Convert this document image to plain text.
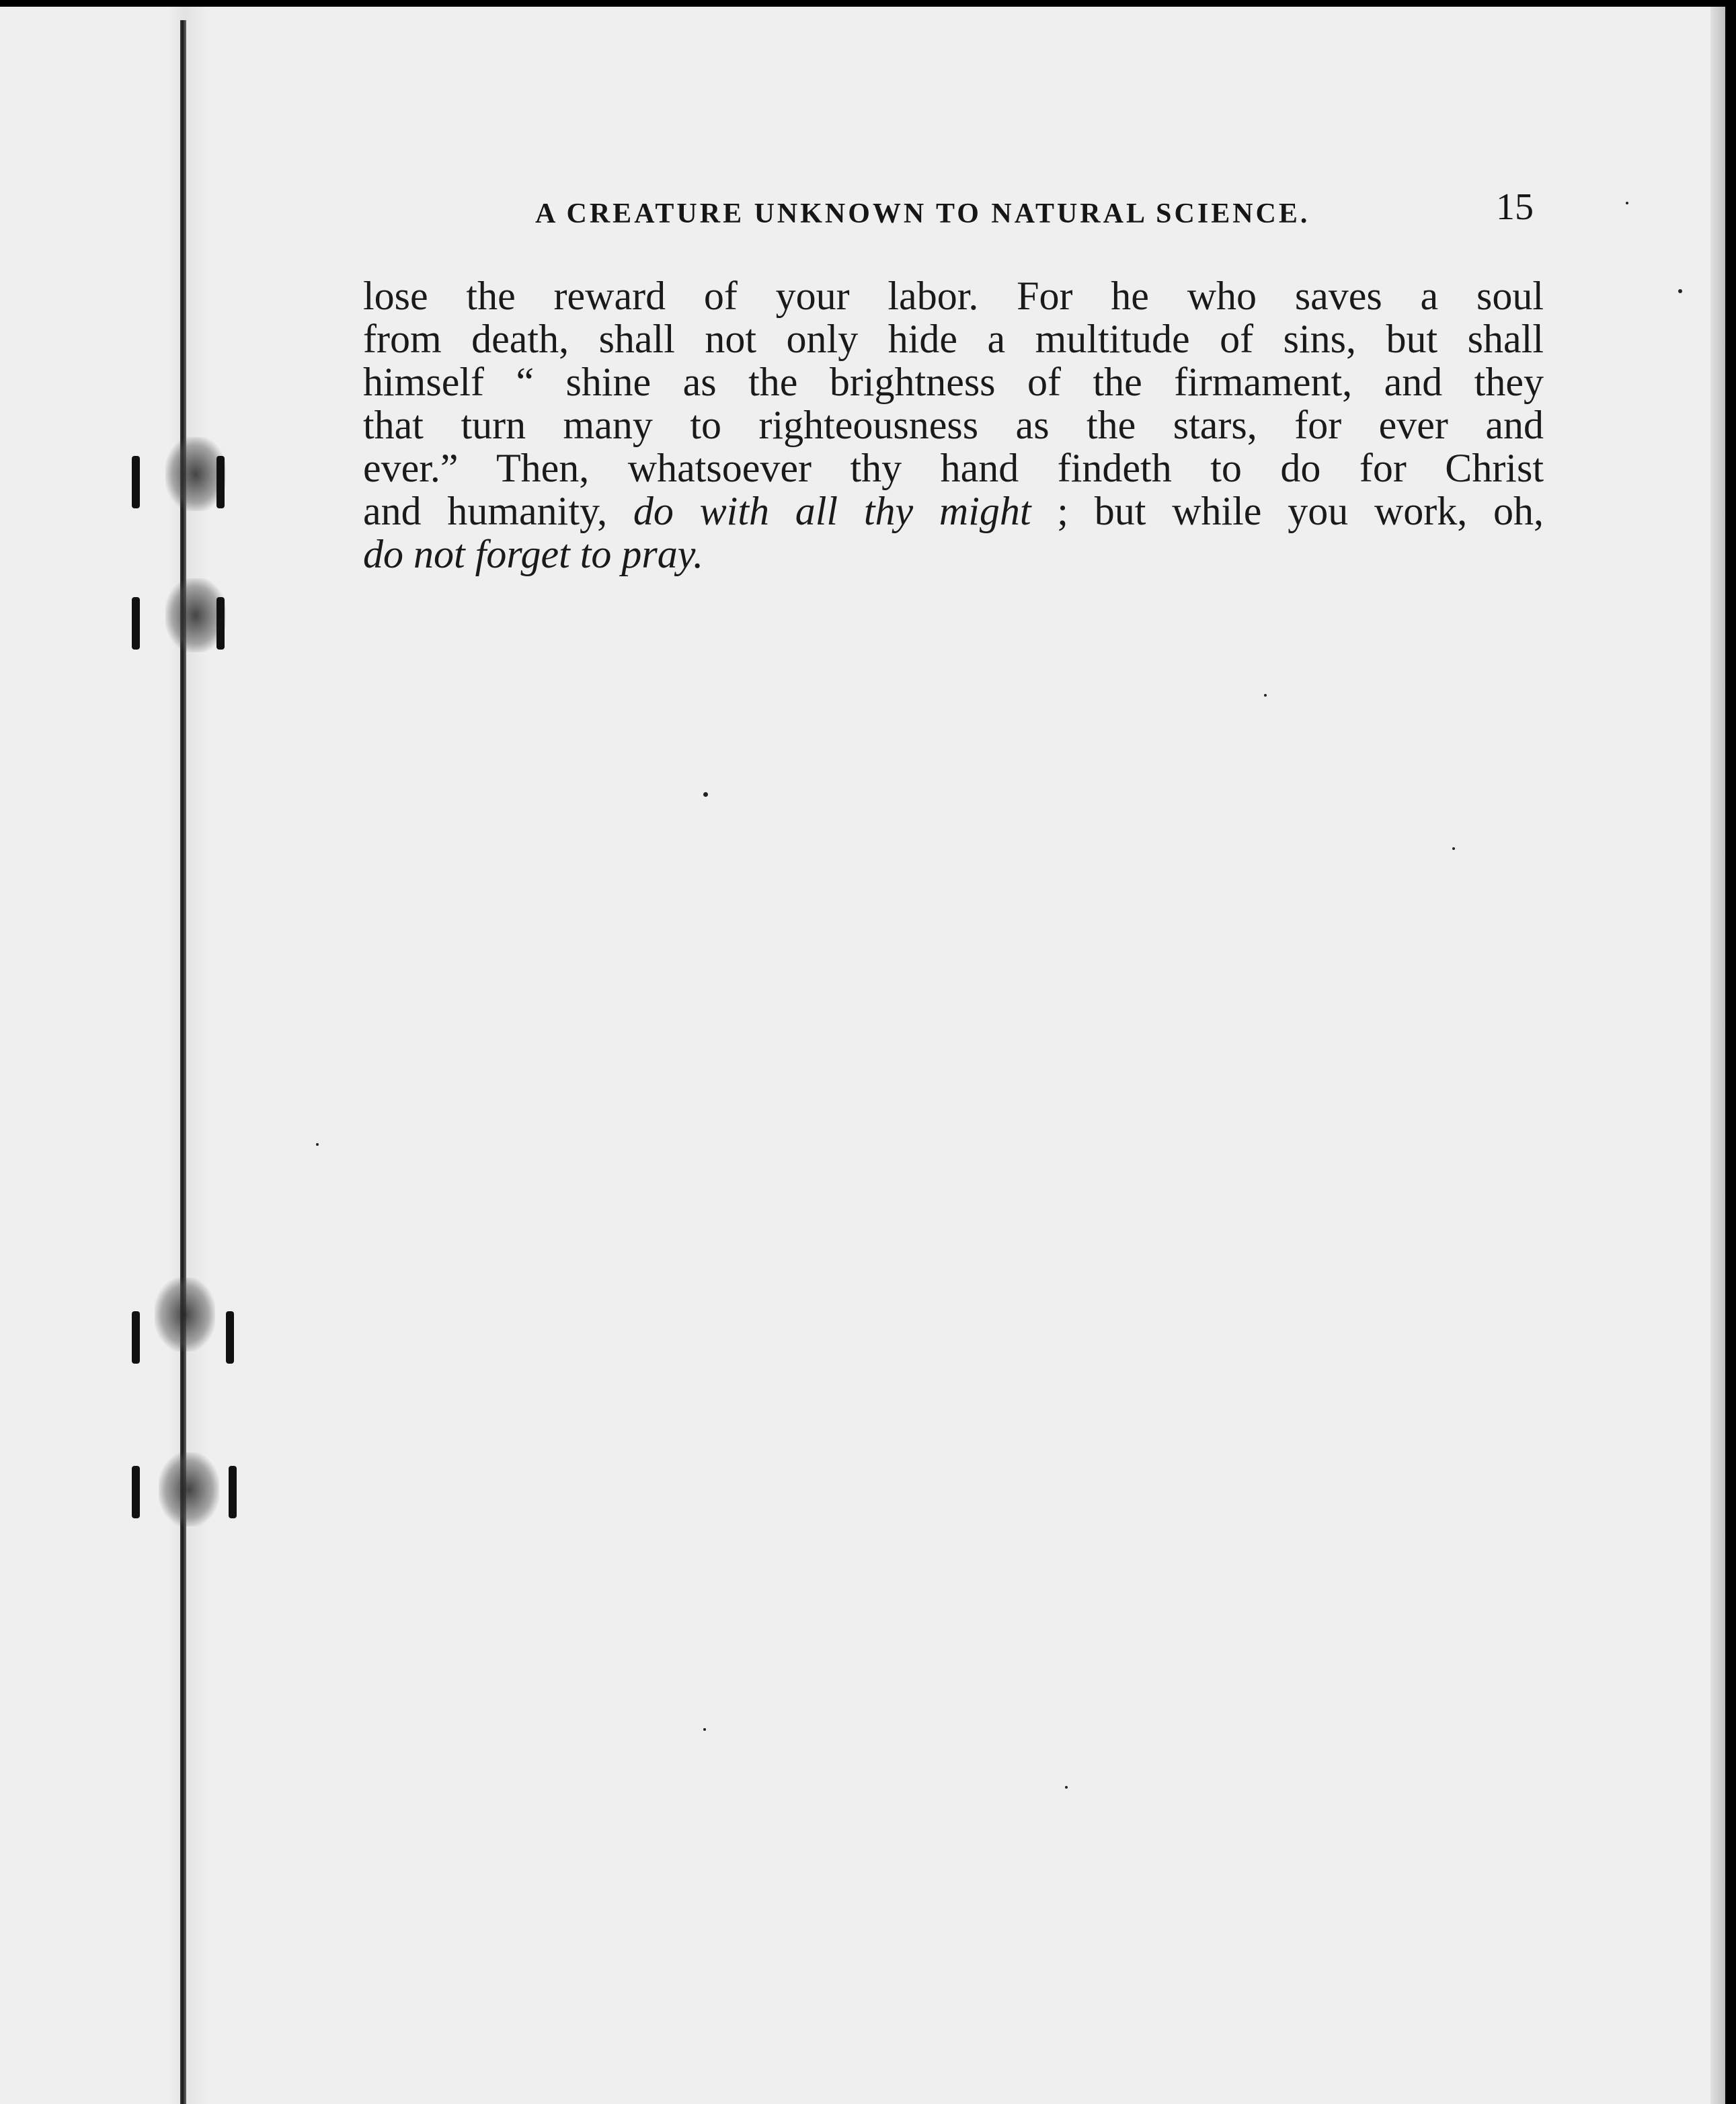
A CREATURE UNKNOWN TO NATURAL SCIENCE.	15
lose the reward of your labor. For he who saves a soul
from death, shall not only hide a multitude of sins, but shall
himself “ shine as the brightness of the firmament, and they
that turn many to righteousness as the stars, for ever and
ever.” Then, whatsoever thy hand findeth to do for Christ
and humanity, do with all thy might ; but while you work, oh,
do not forget to pray.
